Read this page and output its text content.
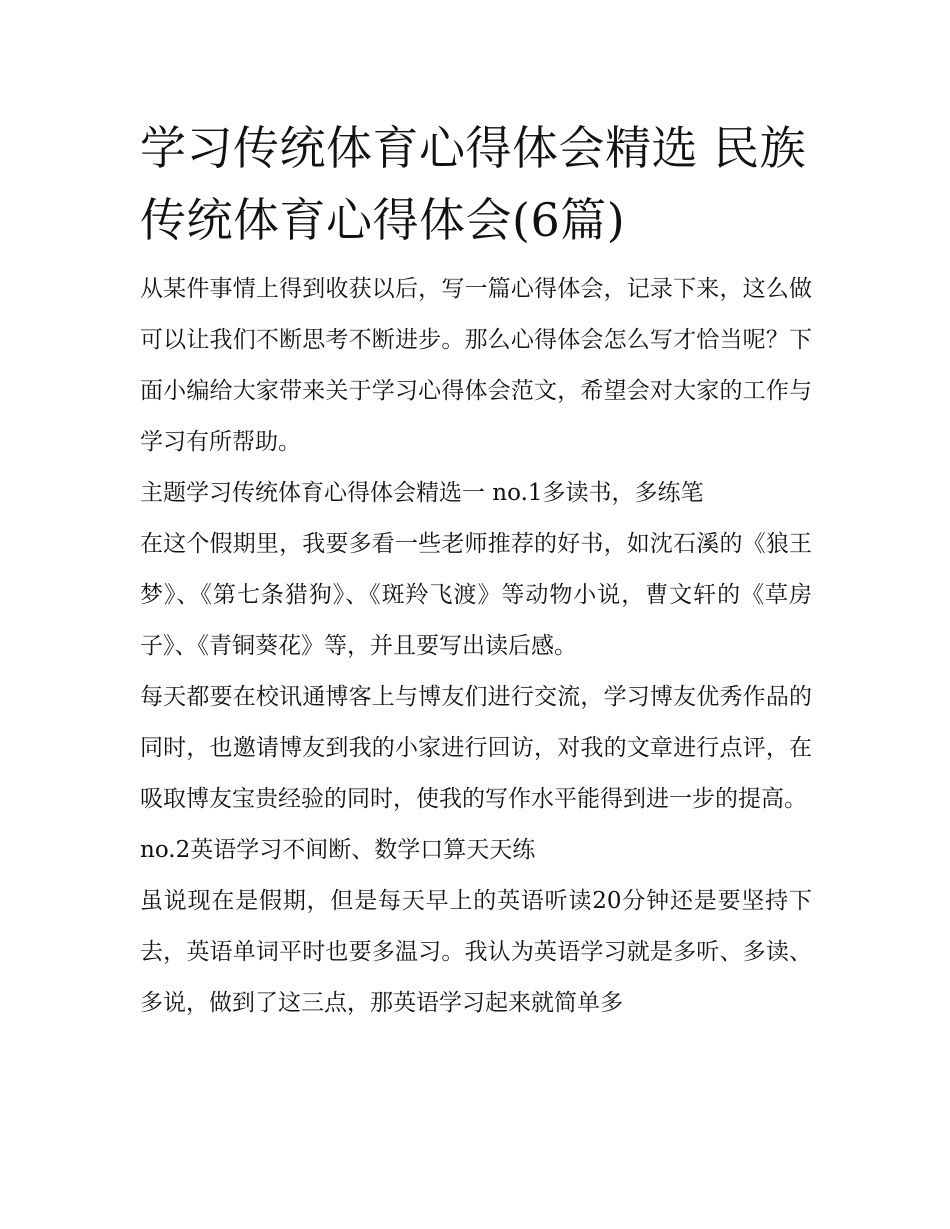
学习传统体育心得体会精选 民族传统体育心得体会(6篇)

从某件事情上得到收获以后，写一篇心得体会，记录下来，这么做可以让我们不断思考不断进步。那么心得体会怎么写才恰当呢？下面小编给大家带来关于学习心得体会范文，希望会对大家的工作与学习有所帮助。

主题学习传统体育心得体会精选一 no.1多读书，多练笔

在这个假期里，我要多看一些老师推荐的好书，如沈石溪的《狼王梦》、《第七条猎狗》、《斑羚飞渡》等动物小说，曹文轩的《草房子》、《青铜葵花》等，并且要写出读后感。

每天都要在校讯通博客上与博友们进行交流，学习博友优秀作品的同时，也邀请博友到我的小家进行回访，对我的文章进行点评，在吸取博友宝贵经验的同时，使我的写作水平能得到进一步的提高。

no.2英语学习不间断、数学口算天天练

虽说现在是假期，但是每天早上的英语听读20分钟还是要坚持下去，英语单词平时也要多温习。我认为英语学习就是多听、多读、多说，做到了这三点，那英语学习起来就简单多
